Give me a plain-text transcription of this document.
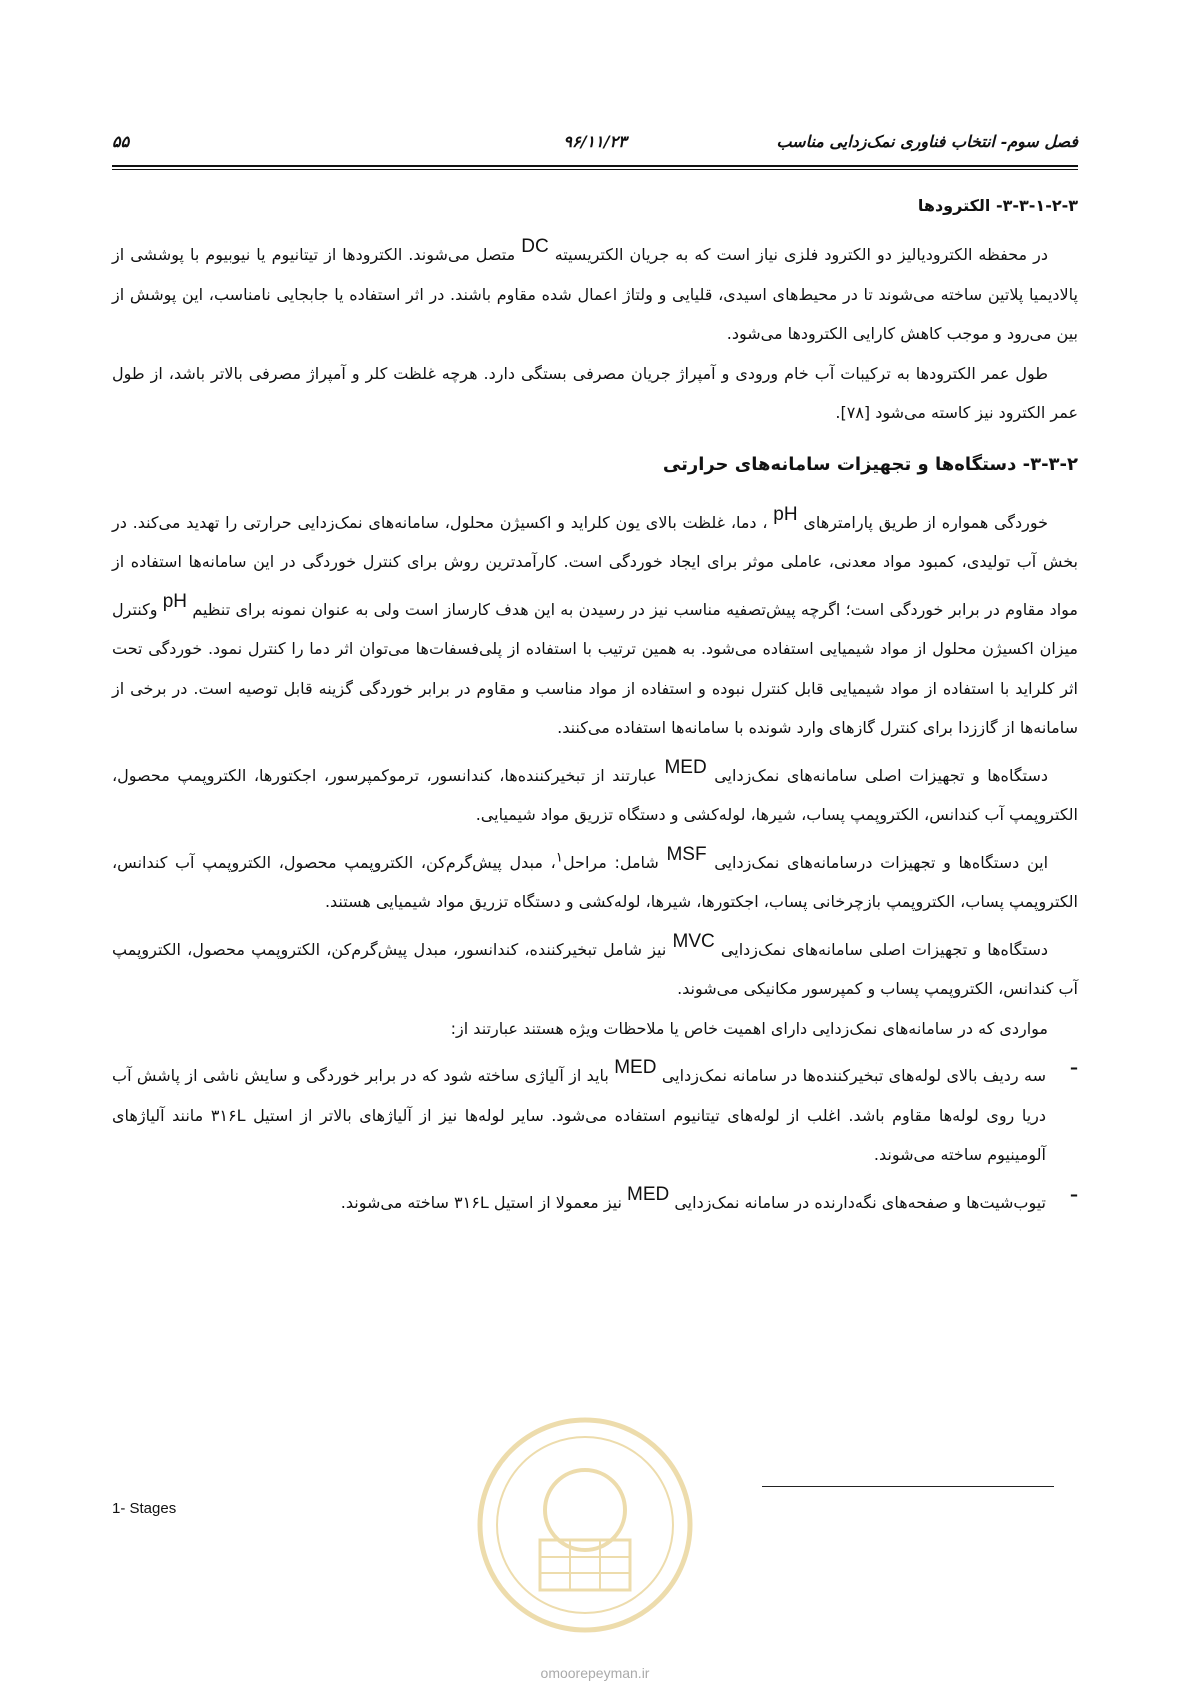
۵۵	۹۶/۱۱/۲۳	فصل سوم- انتخاب فناوری نمک‌زدایی مناسب
۳-۳-۱-۲-۳- الکترودها

در محفظه الکترودیالیز دو الکترود فلزی نیاز است که به جریان الکتریسیته DC متصل می‌شوند. الکترودها از تیتانیوم یا نیوبیوم با پوششی از پالادیمیا پلاتین ساخته می‌شوند تا در محیط‌های اسیدی، قلیایی و ولتاژ اعمال شده مقاوم باشند. در اثر استفاده یا جابجایی نامناسب، این پوشش از بین می‌رود و موجب کاهش کارایی الکترودها می‌شود.

طول عمر الکترودها به ترکیبات آب خام ورودی و آمپراژ جریان مصرفی بستگی دارد. هرچه غلظت کلر و آمپراژ مصرفی بالاتر باشد، از طول عمر الکترود نیز کاسته می‌شود [۷۸].

۳-۳-۲- دستگاه‌ها و تجهیزات سامانه‌های حرارتی

خوردگی همواره از طریق پارامترهای pH ، دما، غلظت بالای یون کلراید و اکسیژن محلول، سامانه‌های نمک‌زدایی حرارتی را تهدید می‌کند. در بخش آب تولیدی، کمبود مواد معدنی، عاملی موثر برای ایجاد خوردگی است. کارآمدترین روش برای کنترل خوردگی در این سامانه‌ها استفاده از مواد مقاوم در برابر خوردگی است؛ اگرچه پیش‌تصفیه مناسب نیز در رسیدن به این هدف کارساز است ولی به عنوان نمونه برای تنظیم pH وکنترل میزان اکسیژن محلول از مواد شیمیایی استفاده می‌شود. به همین ترتیب با استفاده از پلی‌فسفات‌ها می‌توان اثر دما را کنترل نمود. خوردگی تحت اثر کلراید با استفاده از مواد شیمیایی قابل کنترل نبوده و استفاده از مواد مناسب و مقاوم در برابر خوردگی گزینه قابل توصیه است. در برخی از سامانه‌ها از گاززدا برای کنترل گازهای وارد شونده با سامانه‌ها استفاده می‌کنند.

دستگاه‌ها و تجهیزات اصلی سامانه‌های نمک‌زدایی MED عبارتند از تبخیرکننده‌ها، کندانسور، ترموکمپرسور، اجکتورها، الکتروپمپ محصول، الکتروپمپ آب کندانس، الکتروپمپ پساب، شیرها، لوله‌کشی و دستگاه تزریق مواد شیمیایی.

این دستگاه‌ها و تجهیزات درسامانه‌های نمک‌زدایی MSF شامل: مراحل$^۱$، مبدل پیش‌گرم‌کن، الکتروپمپ محصول، الکتروپمپ آب کندانس، الکتروپمپ پساب، الکتروپمپ بازچرخانی پساب، اجکتورها، شیرها، لوله‌کشی و دستگاه تزریق مواد شیمیایی هستند.

دستگاه‌ها و تجهیزات اصلی سامانه‌های نمک‌زدایی MVC نیز شامل تبخیرکننده، کندانسور، مبدل پیش‌گرم‌کن، الکتروپمپ محصول، الکتروپمپ آب کندانس، الکتروپمپ پساب و کمپرسور مکانیکی می‌شوند.

مواردی که در سامانه‌های نمک‌زدایی دارای اهمیت خاص یا ملاحظات ویژه هستند عبارتند از:

–
سه ردیف بالای لوله‌های تبخیرکننده‌ها در سامانه نمک‌زدایی MED باید از آلیاژی ساخته شود که در برابر خوردگی و سایش ناشی از پاشش آب دریا روی لوله‌ها مقاوم باشد. اغلب از لوله‌های تیتانیوم استفاده می‌شود. سایر لوله‌ها نیز از آلیاژهای بالاتر از استیل ۳۱۶L مانند آلیاژهای آلومینیوم ساخته می‌شوند.
–
تیوب‌شیت‌ها و صفحه‌های نگه‌دارنده در سامانه نمک‌زدایی MED نیز معمولا از استیل ۳۱۶L ساخته می‌شوند.
1- Stages
omoorepeyman.ir
